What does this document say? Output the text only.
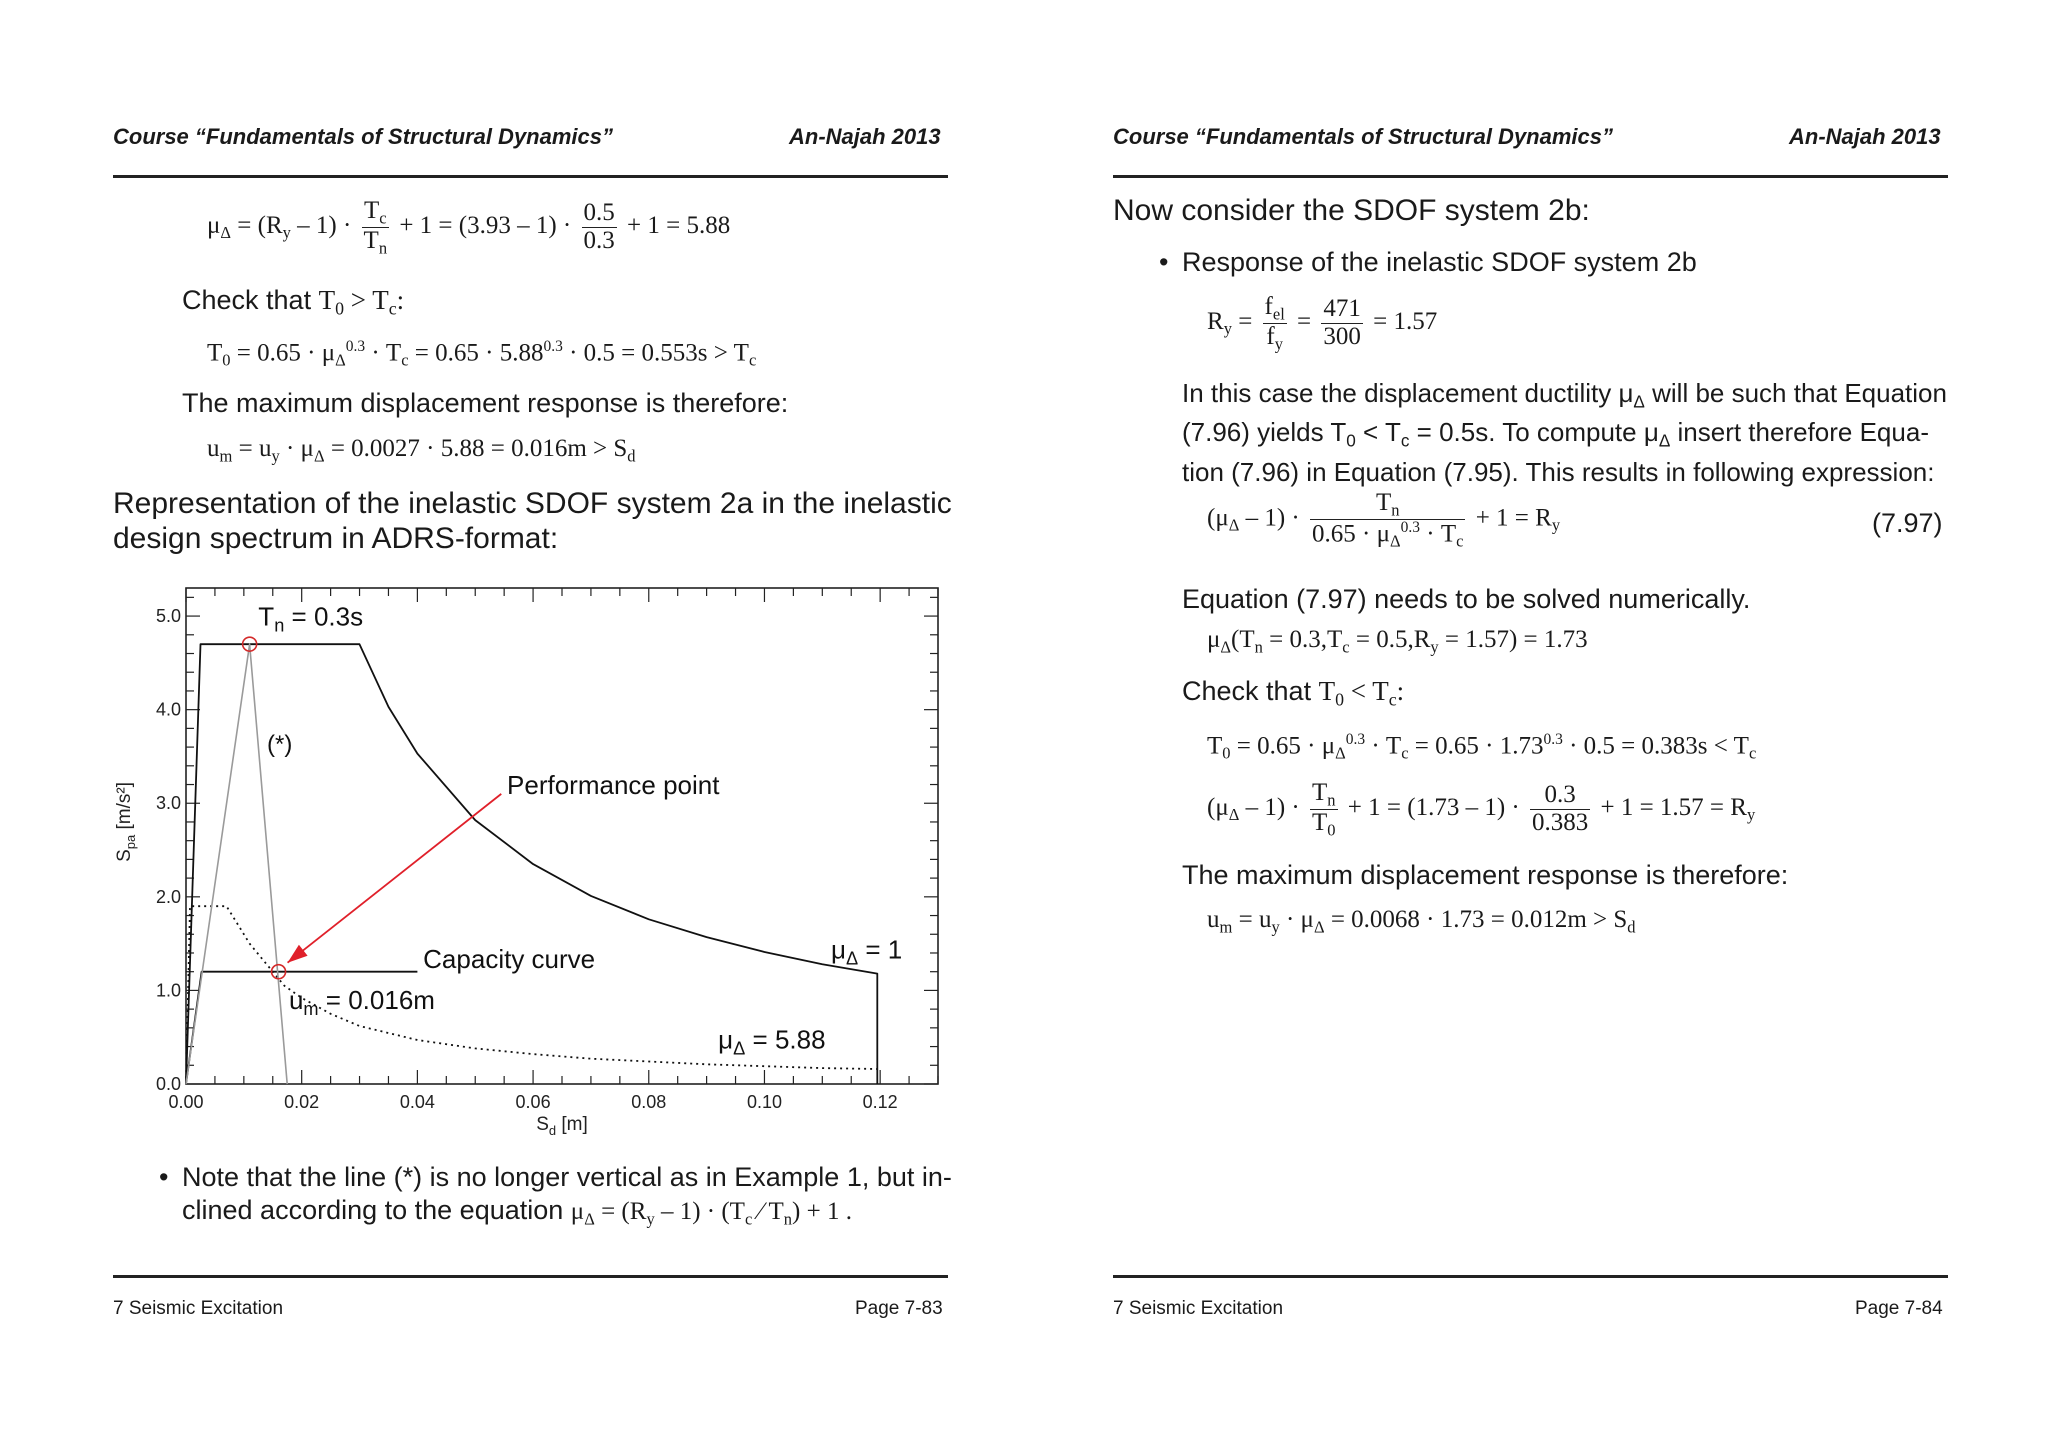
Course “Fundamentals of Structural Dynamics”	An-Najah 2013
$\mu_\Delta = (R_y - 1) \cdot \frac{T_c}{T_n} + 1 = (3.93 - 1) \cdot \frac{0.5}{0.3} + 1 = 5.88$
Check that $T_0 > T_c$:
$T_0 = 0.65 \cdot \mu_\Delta^{0.3} \cdot T_c = 0.65 \cdot 5.88^{0.3} \cdot 0.5 = 0.553s > T_c$
The maximum displacement response is therefore:
$u_m = u_y \cdot \mu_\Delta = 0.0027 \cdot 5.88 = 0.016m > S_d$
Representation of the inelastic SDOF system 2a in the inelastic
design spectrum in ADRS-format:
0.00	0.02	0.04	0.06	0.08	0.10	0.12
0.0
1.0
2.0
3.0
4.0
5.0
$S_d$ [m]
$S_{pa}$ [m/s²]
$T_n = 0.3s$
(*)
Performance point
Capacity curve
$u_m = 0.016m$
$\mu_\Delta = 1$
$\mu_\Delta = 5.88$
• Note that the line (*) is no longer vertical as in Example 1, but in-
clined according to the equation $\mu_\Delta = (R_y - 1) \cdot (T_c$ ⁄ $T_n) + 1$ .
7 Seismic Excitation	Page 7-83
Course “Fundamentals of Structural Dynamics”	An-Najah 2013
Now consider the SDOF system 2b:
• Response of the inelastic SDOF system 2b
$R_y = \frac{f_{el}}{f_y} = \frac{471}{300} = 1.57$
In this case the displacement ductility $\mu_\Delta$ will be such that Equation
(7.96) yields $T_0 < T_c = 0.5s$. To compute $\mu_\Delta$ insert therefore Equa-
tion (7.96) in Equation (7.95). This results in following expression:
$(\mu_\Delta - 1) \cdot \frac{T_n}{0.65 \cdot \mu_\Delta^{0.3} \cdot T_c} + 1 = R_y$	(7.97)
Equation (7.97) needs to be solved numerically.
$\mu_\Delta(T_n = 0.3,T_c = 0.5,R_y = 1.57) = 1.73$
Check that $T_0 < T_c$:
$T_0 = 0.65 \cdot \mu_\Delta^{0.3} \cdot T_c = 0.65 \cdot 1.73^{0.3} \cdot 0.5 = 0.383s < T_c$
$(\mu_\Delta - 1) \cdot \frac{T_n}{T_0} + 1 = (1.73 - 1) \cdot \frac{0.3}{0.383} + 1 = 1.57 = R_y$
The maximum displacement response is therefore:
$u_m = u_y \cdot \mu_\Delta = 0.0068 \cdot 1.73 = 0.012m > S_d$
7 Seismic Excitation	Page 7-84
